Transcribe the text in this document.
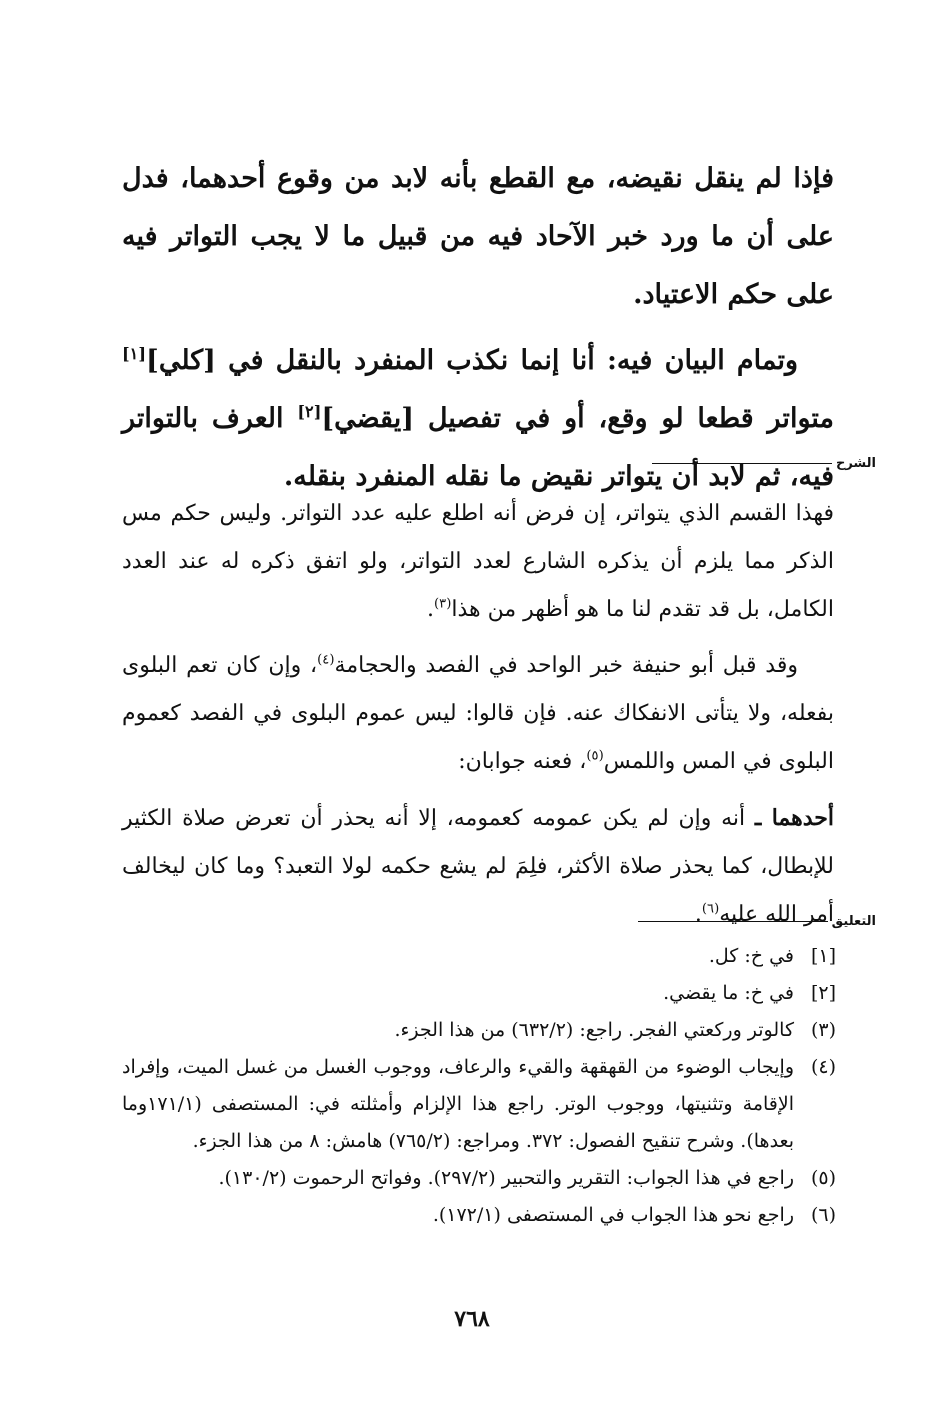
فإذا لم ينقل نقيضه، مع القطع بأنه لابد من وقوع أحدهما، فدل على أن ما ورد خبر الآحاد فيه من قبيل ما لا يجب التواتر فيه على حكم الاعتياد.

وتمام البيان فيه: أنا إنما نكذب المنفرد بالنقل في [كلي][١] متواتر قطعا لو وقع، أو في تفصيل [يقضي][٢] العرف بالتواتر فيه، ثم لابد أن يتواتر نقيض ما نقله المنفرد بنقله. الشرح

فهذا القسم الذي يتواتر، إن فرض أنه اطلع عليه عدد التواتر. وليس حكم مس الذكر مما يلزم أن يذكره الشارع لعدد التواتر، ولو اتفق ذكره له عند العدد الكامل، بل قد تقدم لنا ما هو أظهر من هذا$^{(٣)}$.

وقد قبل أبو حنيفة خبر الواحد في الفصد والحجامة$^{(٤)}$، وإن كان تعم البلوى بفعله، ولا يتأتى الانفكاك عنه. فإن قالوا: ليس عموم البلوى في الفصد كعموم البلوى في المس واللمس$^{(٥)}$، فعنه جوابان:

أحدهما ـ أنه وإن لم يكن عمومه كعمومه، إلا أنه يحذر أن تعرض صلاة الكثير للإبطال، كما يحذر صلاة الأكثر، فلِمَ لم يشع حكمه لولا التعبد؟ وما كان ليخالف أمر الله عليه$^{(٦)}$.	التعليق
[١]
في خ: كل.
[٢]
في خ: ما يقضي.
(٣)
كالوتر وركعتي الفجر. راجع: (٦٣٢/٢) من هذا الجزء.
(٤)
وإيجاب الوضوء من القهقهة والقيء والرعاف، ووجوب الغسل من غسل الميت، وإفراد الإقامة وتثنيتها، ووجوب الوتر. راجع هذا الإلزام وأمثلته في: المستصفى (١٧١/١وما بعدها). وشرح تنقيح الفصول: ٣٧٢. ومراجع: (٧٦٥/٢) هامش: ٨ من هذا الجزء.
(٥)
راجع في هذا الجواب: التقرير والتحبير (٢٩٧/٢). وفواتح الرحموت (١٣٠/٢).
(٦)
راجع نحو هذا الجواب في المستصفى (١٧٢/١).
٧٦٨
